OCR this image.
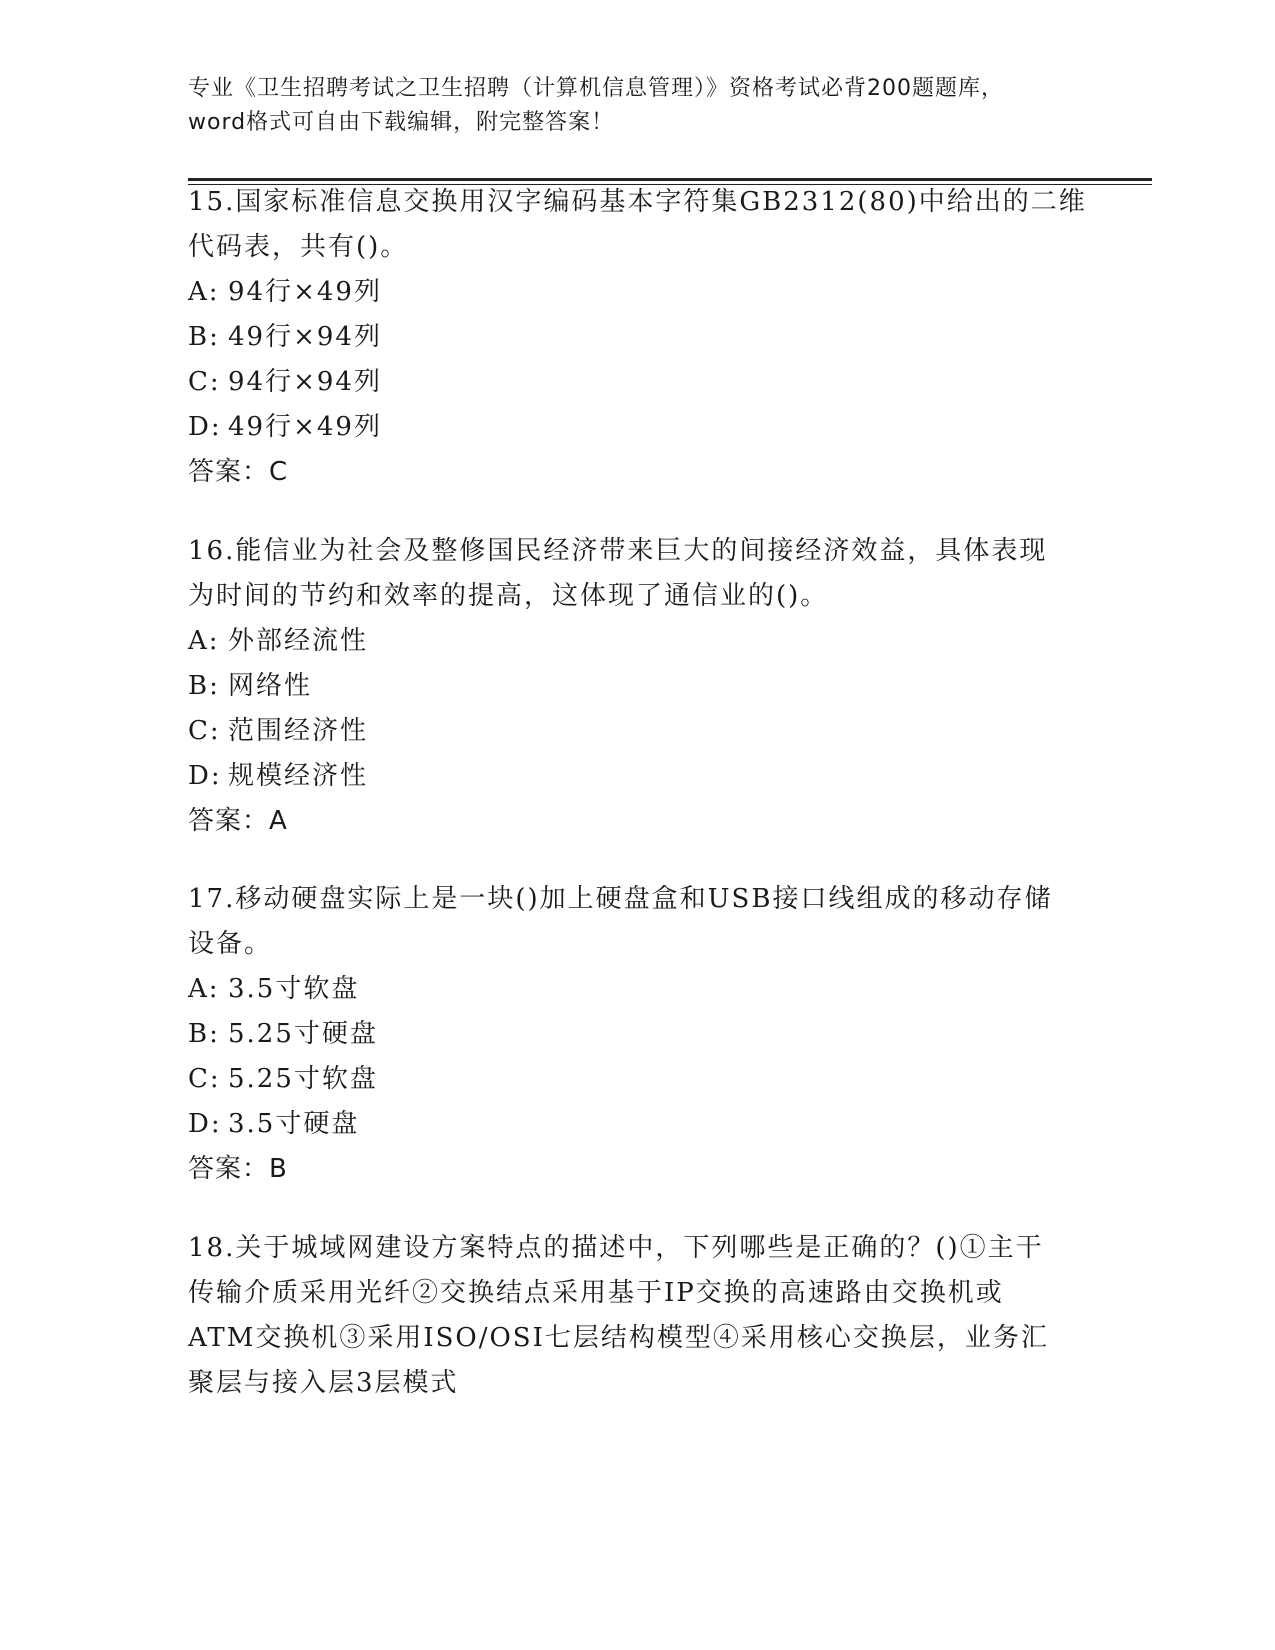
专业《卫生招聘考试之卫生招聘（计算机信息管理）》资格考试必背200题题库，
word格式可自由下载编辑，附完整答案！
15.国家标准信息交换用汉字编码基本字符集GB2312(80)中给出的二维
代码表，共有()。
A: 94行×49列
B: 49行×94列
C: 94行×94列
D: 49行×49列
答案：C
16.能信业为社会及整修国民经济带来巨大的间接经济效益，具体表现
为时间的节约和效率的提高，这体现了通信业的()。
A: 外部经流性
B: 网络性
C: 范围经济性
D: 规模经济性
答案：A
17.移动硬盘实际上是一块()加上硬盘盒和USB接口线组成的移动存储
设备。
A: 3.5寸软盘
B: 5.25寸硬盘
C: 5.25寸软盘
D: 3.5寸硬盘
答案：B
18.关于城域网建设方案特点的描述中，下列哪些是正确的？()①主干
传输介质采用光纤②交换结点采用基于IP交换的高速路由交换机或
ATM交换机③采用ISO/OSI七层结构模型④采用核心交换层，业务汇
聚层与接入层3层模式
